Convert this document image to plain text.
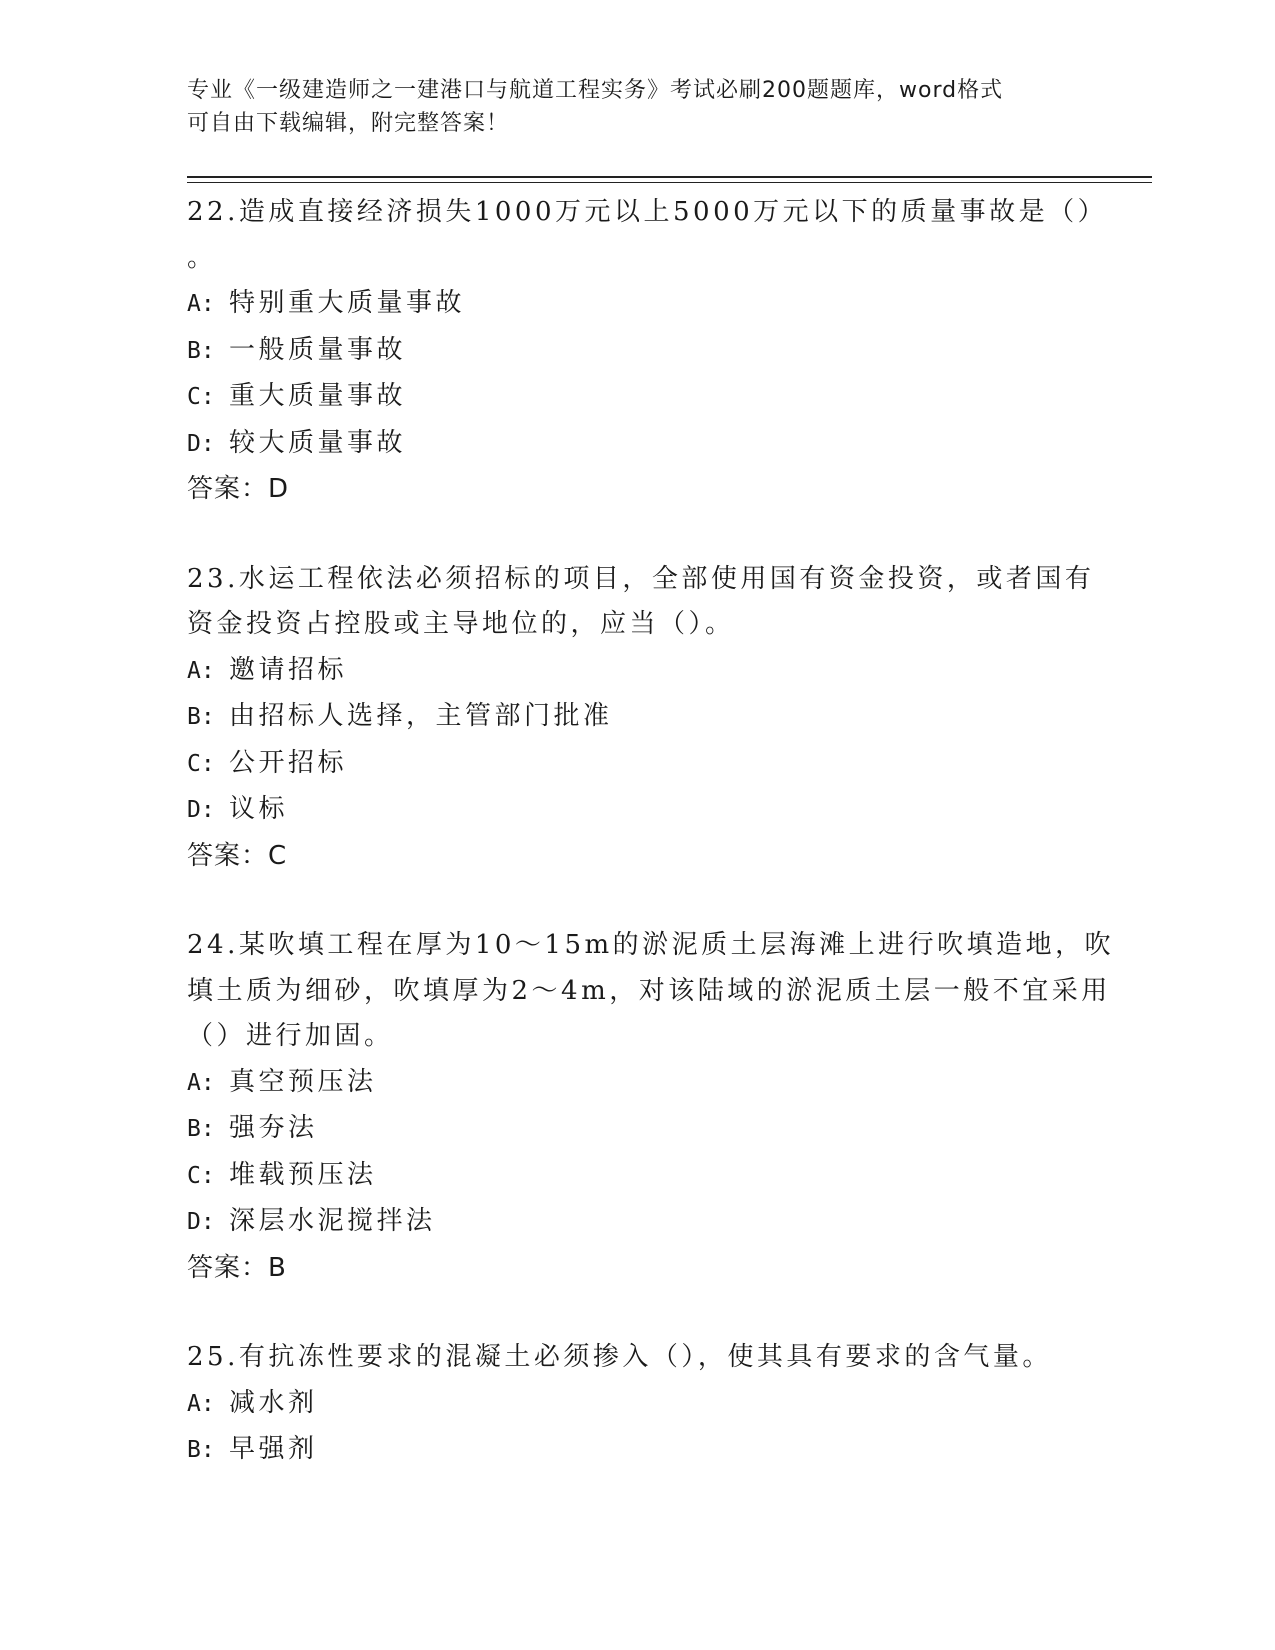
专业《一级建造师之一建港口与航道工程实务》考试必刷200题题库，word格式
可自由下载编辑，附完整答案！
22.造成直接经济损失1000万元以上5000万元以下的质量事故是（）
。
A: 特别重大质量事故
B: 一般质量事故
C: 重大质量事故
D: 较大质量事故
答案：D
23.水运工程依法必须招标的项目，全部使用国有资金投资，或者国有
资金投资占控股或主导地位的，应当（）。
A: 邀请招标
B: 由招标人选择，主管部门批准
C: 公开招标
D: 议标
答案：C
24.某吹填工程在厚为10～15m的淤泥质土层海滩上进行吹填造地，吹
填土质为细砂，吹填厚为2～4m，对该陆域的淤泥质土层一般不宜采用
（）进行加固。
A: 真空预压法
B: 强夯法
C: 堆载预压法
D: 深层水泥搅拌法
答案：B
25.有抗冻性要求的混凝土必须掺入（），使其具有要求的含气量。
A: 减水剂
B: 早强剂
